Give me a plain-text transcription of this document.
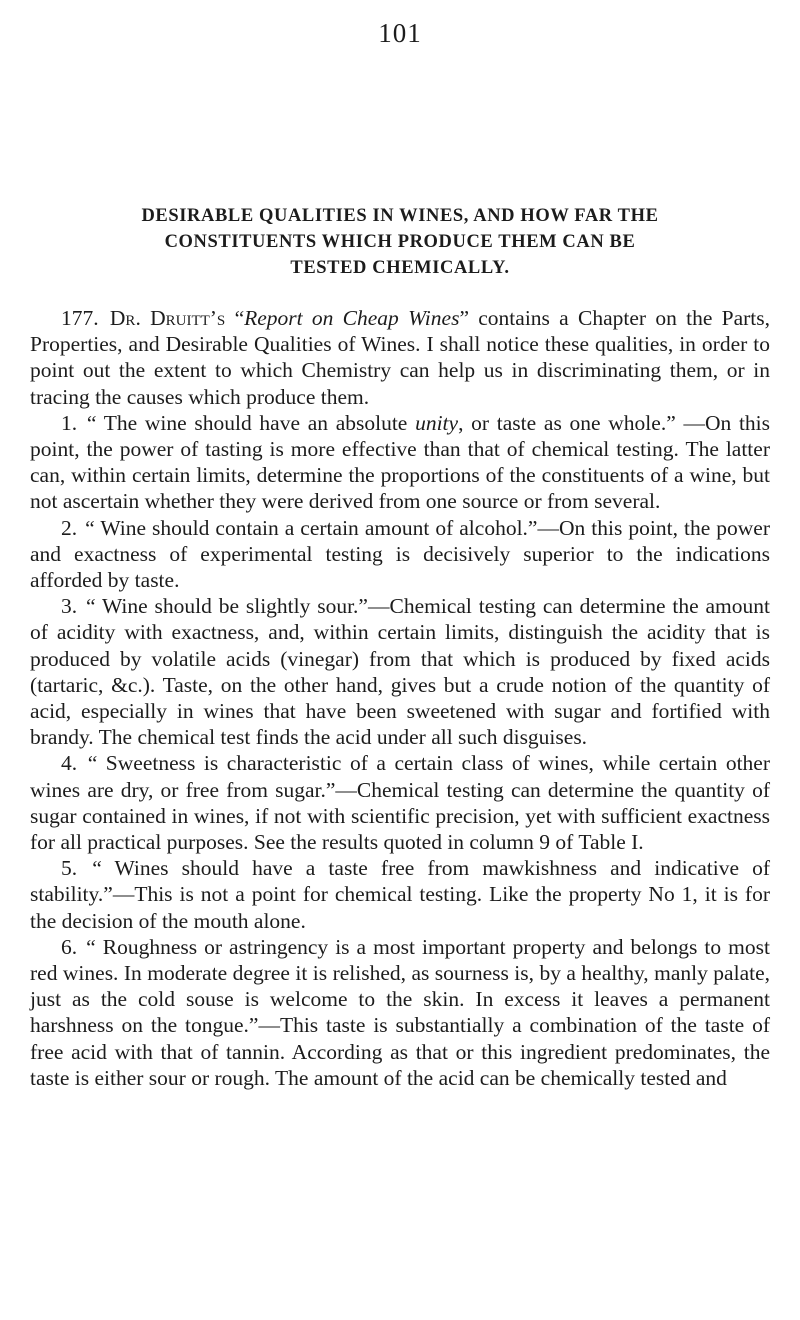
101
DESIRABLE QUALITIES IN WINES, AND HOW FAR THE
CONSTITUENTS WHICH PRODUCE THEM CAN BE
TESTED CHEMICALLY.

177. Dr. Druitt’s “Report on Cheap Wines” contains a Chapter on the Parts, Properties, and Desirable Qualities of Wines. I shall notice these qualities, in order to point out the extent to which Chemistry can help us in discriminating them, or in tracing the causes which produce them.

1. “ The wine should have an absolute unity, or taste as one whole.” —On this point, the power of tasting is more effective than that of chemical testing. The latter can, within certain limits, determine the proportions of the constituents of a wine, but not ascertain whether they were derived from one source or from several.

2. “ Wine should contain a certain amount of alcohol.”—On this point, the power and exactness of experimental testing is decisively superior to the indications afforded by taste.

3. “ Wine should be slightly sour.”—Chemical testing can determine the amount of acidity with exactness, and, within certain limits, distinguish the acidity that is produced by volatile acids (vinegar) from that which is produced by fixed acids (tartaric, &c.). Taste, on the other hand, gives but a crude notion of the quantity of acid, especially in wines that have been sweetened with sugar and fortified with brandy. The chemical test finds the acid under all such disguises.

4. “ Sweetness is characteristic of a certain class of wines, while certain other wines are dry, or free from sugar.”—Chemical testing can determine the quantity of sugar contained in wines, if not with scientific precision, yet with sufficient exactness for all practical purposes. See the results quoted in column 9 of Table I.

5. “ Wines should have a taste free from mawkishness and indicative of stability.”—This is not a point for chemical testing. Like the property No 1, it is for the decision of the mouth alone.

6. “ Roughness or astringency is a most important property and belongs to most red wines. In moderate degree it is relished, as sourness is, by a healthy, manly palate, just as the cold souse is welcome to the skin. In excess it leaves a permanent harshness on the tongue.”—This taste is substantially a combination of the taste of free acid with that of tannin. According as that or this ingredient predominates, the taste is either sour or rough. The amount of the acid can be chemically tested and
